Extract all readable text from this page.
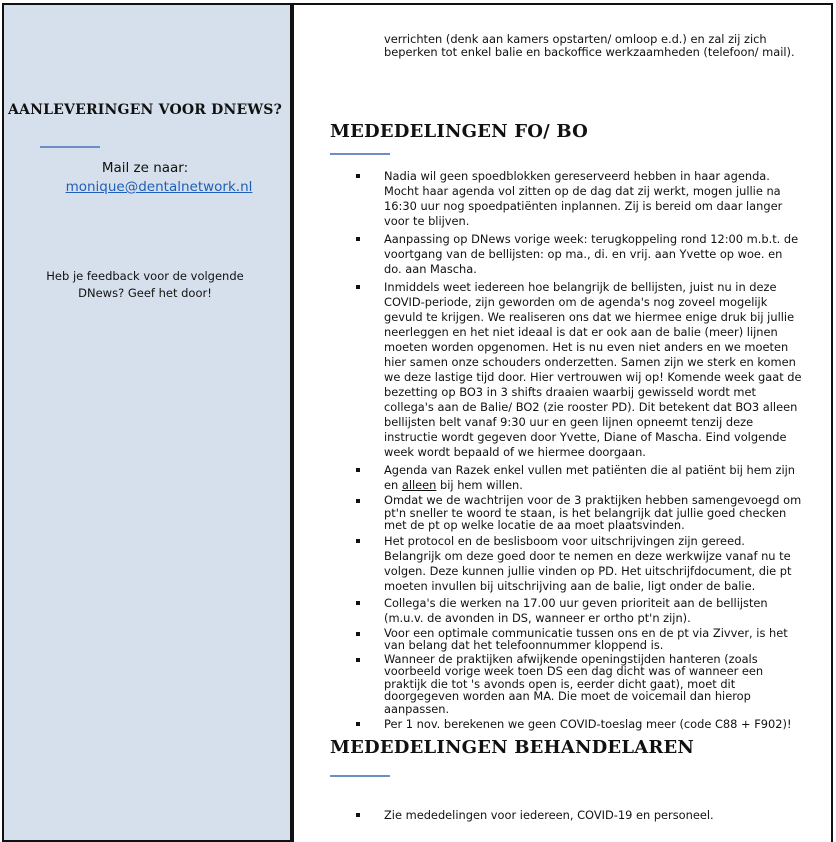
AANLEVERINGEN VOOR DNEWS?
Mail ze naar:
monique@dentalnetwork.nl
Heb je feedback voor de volgende DNews? Geef het door!
verrichten (denk aan kamers opstarten/ omloop e.d.) en zal zij zich beperken tot enkel balie en backoffice werkzaamheden (telefoon/ mail).
MEDEDELINGEN FO/ BO
Nadia wil geen spoedblokken gereserveerd hebben in haar agenda. Mocht haar agenda vol zitten op de dag dat zij werkt, mogen jullie na 16:30 uur nog spoedpatiënten inplannen. Zij is bereid om daar langer voor te blijven.
Aanpassing op DNews vorige week: terugkoppeling rond 12:00 m.b.t. de voortgang van de bellijsten: op ma., di. en vrij. aan Yvette op woe. en do. aan Mascha.
Inmiddels weet iedereen hoe belangrijk de bellijsten, juist nu in deze COVID-periode, zijn geworden om de agenda's nog zoveel mogelijk gevuld te krijgen. We realiseren ons dat we hiermee enige druk bij jullie neerleggen en het niet ideaal is dat er ook aan de balie (meer) lijnen moeten worden opgenomen. Het is nu even niet anders en we moeten hier samen onze schouders onderzetten. Samen zijn we sterk en komen we deze lastige tijd door. Hier vertrouwen wij op! Komende week gaat de bezetting op BO3 in 3 shifts draaien waarbij gewisseld wordt met collega's aan de Balie/ BO2 (zie rooster PD). Dit betekent dat BO3 alleen bellijsten belt vanaf 9:30 uur en geen lijnen opneemt tenzij deze instructie wordt gegeven door Yvette, Diane of Mascha. Eind volgende week wordt bepaald of we hiermee doorgaan.
Agenda van Razek enkel vullen met patiënten die al patiënt bij hem zijn en alleen bij hem willen.
Omdat we de wachtrijen voor de 3 praktijken hebben samengevoegd om pt'n sneller te woord te staan, is het belangrijk dat jullie goed checken met de pt op welke locatie de aa moet plaatsvinden.
Het protocol en de beslisboom voor uitschrijvingen zijn gereed. Belangrijk om deze goed door te nemen en deze werkwijze vanaf nu te volgen. Deze kunnen jullie vinden op PD. Het uitschrijfdocument, die pt moeten invullen bij uitschrijving aan de balie, ligt onder de balie.
Collega's die werken na 17.00 uur geven prioriteit aan de bellijsten (m.u.v. de avonden in DS, wanneer er ortho pt'n zijn).
Voor een optimale communicatie tussen ons en de pt via Zivver, is het van belang dat het telefoonnummer kloppend is.
Wanneer de praktijken afwijkende openingstijden hanteren (zoals voorbeeld vorige week toen DS een dag dicht was of wanneer een praktijk die tot 's avonds open is, eerder dicht gaat), moet dit doorgegeven worden aan MA. Die moet de voicemail dan hierop aanpassen.
Per 1 nov. berekenen we geen COVID-toeslag meer (code C88 + F902)!
MEDEDELINGEN BEHANDELAREN
Zie mededelingen voor iedereen, COVID-19 en personeel.
